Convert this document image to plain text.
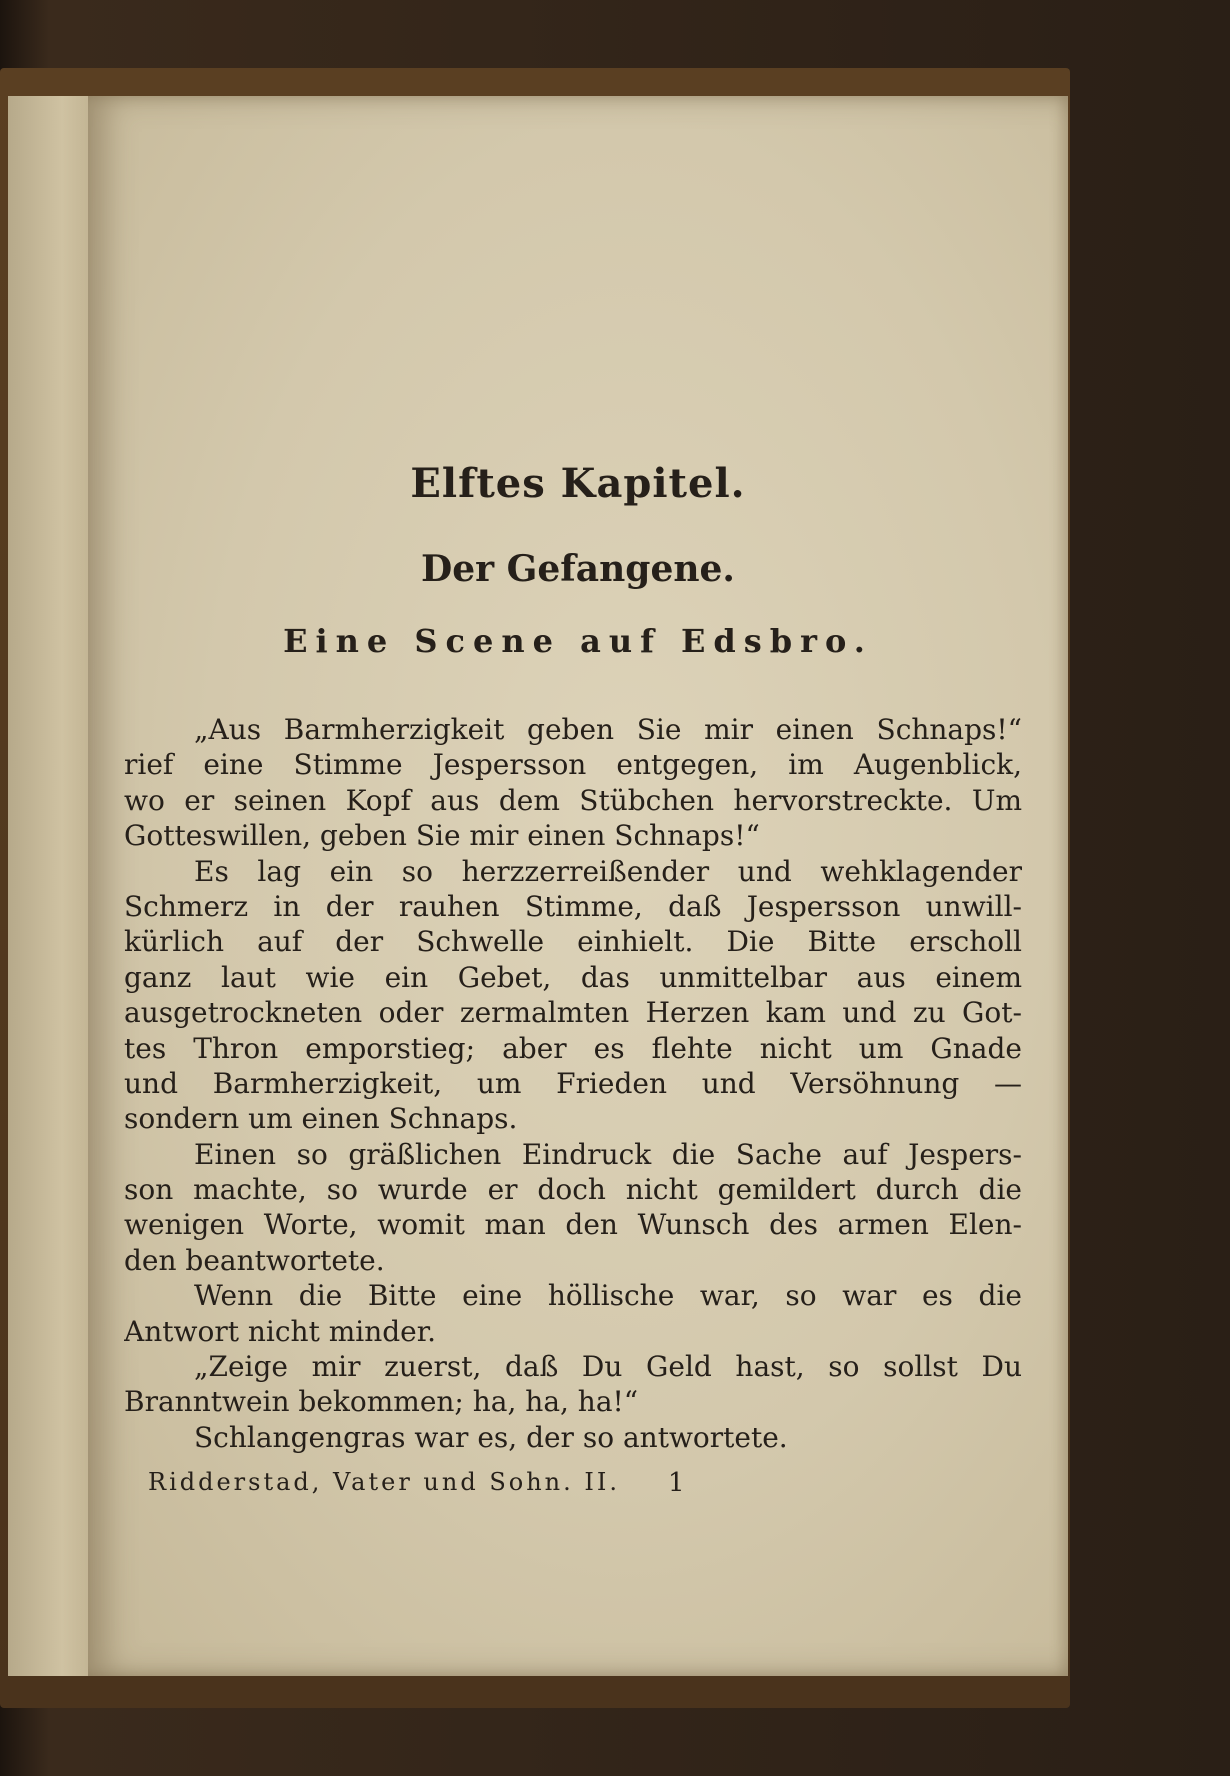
Elftes Kapitel.
Der Gefangene.
Eine Scene auf Edsbro.
„Aus Barmherzigkeit geben Sie mir einen Schnaps!“
rief eine Stimme Jespersson entgegen, im Augenblick,
wo er seinen Kopf aus dem Stübchen hervorstreckte. Um
Gotteswillen, geben Sie mir einen Schnaps!“
Es lag ein so herzzerreißender und wehklagender
Schmerz in der rauhen Stimme, daß Jespersson unwill-
kürlich auf der Schwelle einhielt. Die Bitte erscholl
ganz laut wie ein Gebet, das unmittelbar aus einem
ausgetrockneten oder zermalmten Herzen kam und zu Got-
tes Thron emporstieg; aber es flehte nicht um Gnade
und Barmherzigkeit, um Frieden und Versöhnung —
sondern um einen Schnaps.
Einen so gräßlichen Eindruck die Sache auf Jespers-
son machte, so wurde er doch nicht gemildert durch die
wenigen Worte, womit man den Wunsch des armen Elen-
den beantwortete.
Wenn die Bitte eine höllische war, so war es die
Antwort nicht minder.
„Zeige mir zuerst, daß Du Geld hast, so sollst Du
Branntwein bekommen; ha, ha, ha!“
Schlangengras war es, der so antwortete.
Ridderstad, Vater und Sohn. II. 1
